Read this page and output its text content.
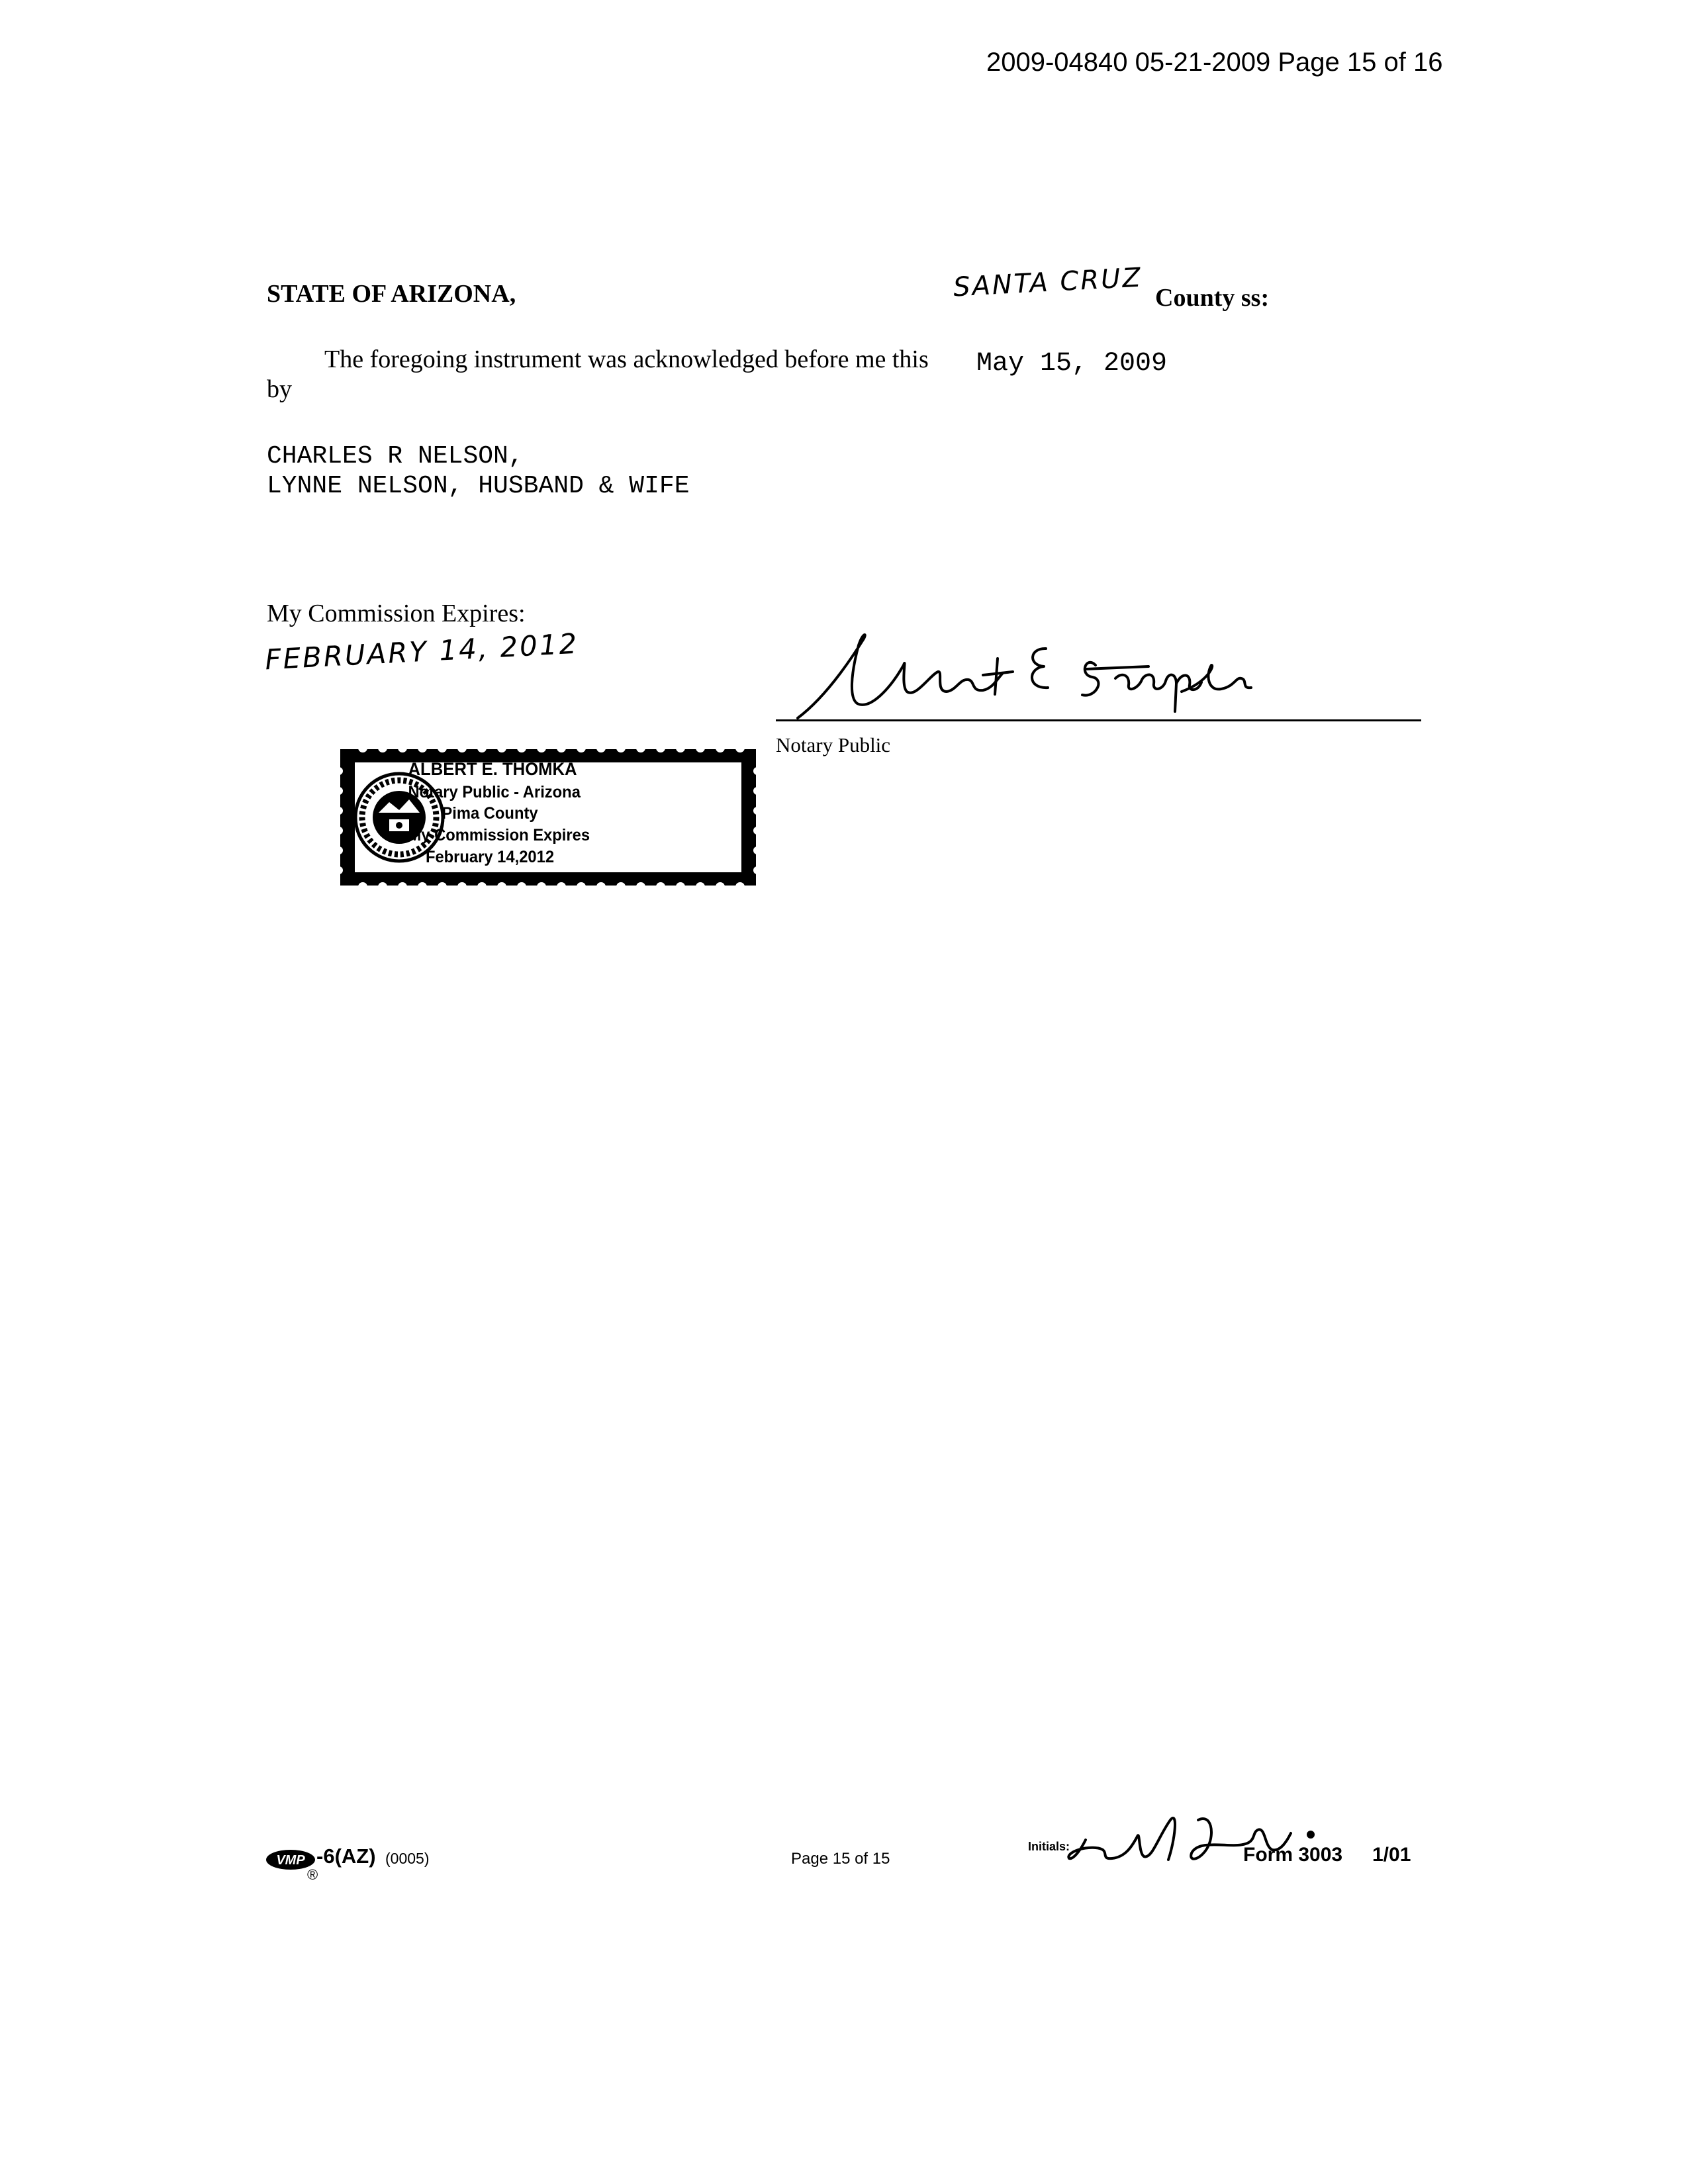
2009-04840 05-21-2009 Page 15 of 16
STATE OF ARIZONA,	SANTA CRUZ County ss:
The foregoing instrument was acknowledged before me this May 15, 2009
by
CHARLES R NELSON,
LYNNE NELSON, HUSBAND & WIFE
My Commission Expires:
FEBRUARY 14, 2012
Notary Public
ALBERT E. THOMKA
Notary Public - Arizona
Pima County
My Commission Expires
February 14,2012
VMP -6(AZ) (0005)
®
Page 15 of 15
Initials:	Form 3003 1/01
